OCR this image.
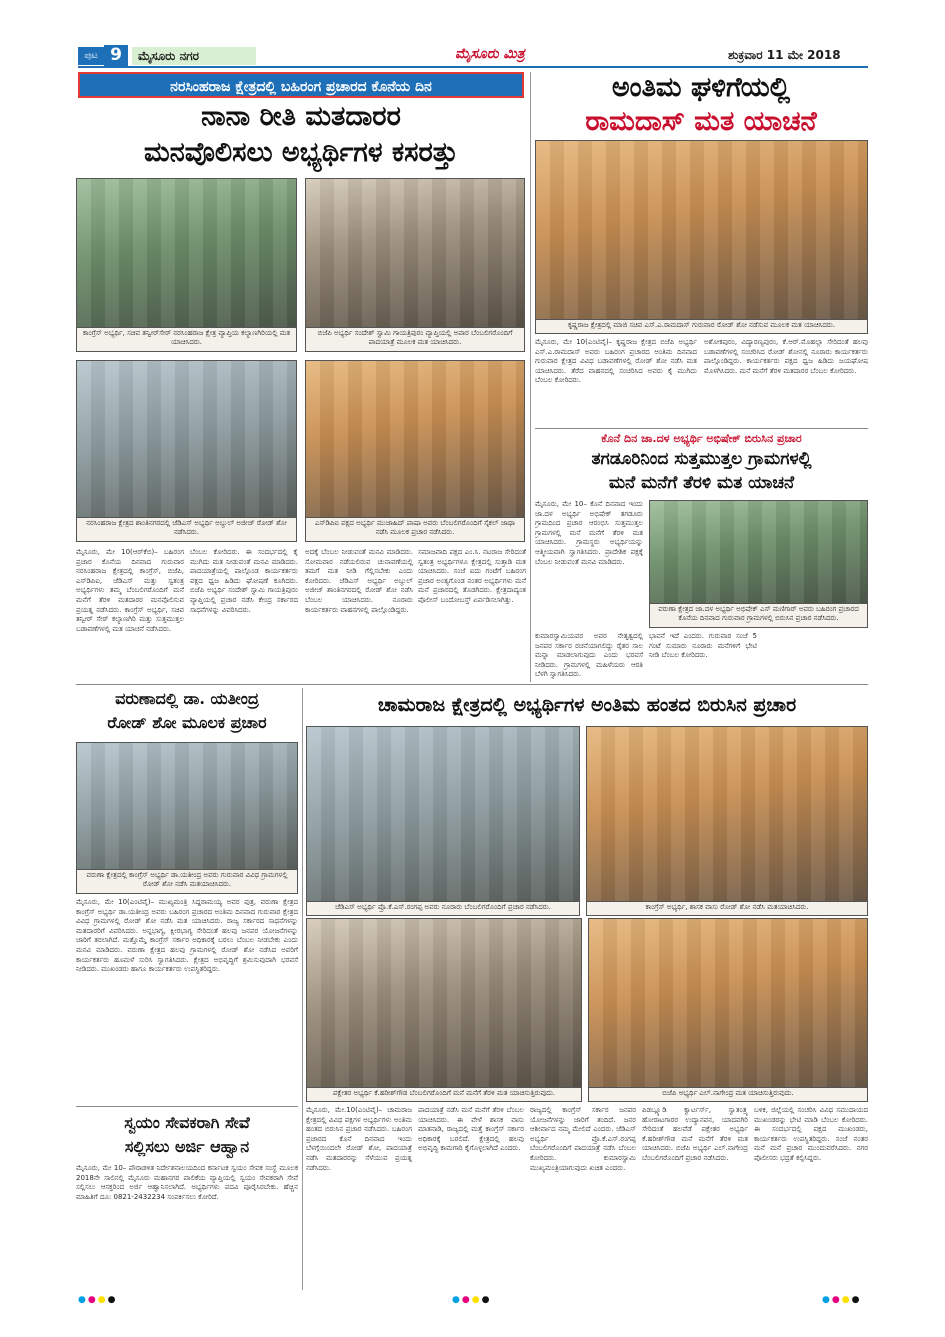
ಪುಟ 9	ಮೈಸೂರು ನಗರ	ಮೈಸೂರು ಮಿತ್ರ	ಶುಕ್ರವಾರ 11 ಮೇ 2018
ನರಸಿಂಹರಾಜ ಕ್ಷೇತ್ರದಲ್ಲಿ ಬಹಿರಂಗ ಪ್ರಚಾರದ ಕೊನೆಯ ದಿನ
ನಾನಾ ರೀತಿ ಮತದಾರರ
ಮನವೊಲಿಸಲು ಅಭ್ಯರ್ಥಿಗಳ ಕಸರತ್ತು
ಕಾಂಗ್ರೆಸ್ ಅಭ್ಯರ್ಥಿ, ಸಚಿವ ತನ್ವೀರ್‌ಸೇಠ್ ನರಸಿಂಹರಾಜ ಕ್ಷೇತ್ರ ವ್ಯಾಪ್ತಿಯ ಕಲ್ಯಾಣಗಿರಿಯಲ್ಲಿ ಮತ ಯಾಚಿಸಿದರು.
ಬಿಜೆಪಿ ಅಭ್ಯರ್ಥಿ ಸಂದೇಶ್ ಸ್ವಾಮಿ ಗಾಯತ್ರಿಪುರಂ ವ್ಯಾಪ್ತಿಯಲ್ಲಿ ಅಪಾರ ಬೆಂಬಲಿಗರೊಂದಿಗೆ ಪಾದಯಾತ್ರೆ ಮೂಲಕ ಮತ ಯಾಚಿಸಿದರು.
ನರಸಿಂಹರಾಜ ಕ್ಷೇತ್ರದ ಶಾಂತಿನಗರದಲ್ಲಿ ಜೆಡಿಎಸ್ ಅಭ್ಯರ್ಥಿ ಅಬ್ದುಲ್ ಅಜೀಜ್ ರೋಡ್ ಶೋ ನಡೆಸಿದರು.
ಎಸ್‌ಡಿಪಿಐ ಪಕ್ಷದ ಅಭ್ಯರ್ಥಿ ಮುಜಾಹಿದ್ ಪಾಷಾ ಅವರು ಬೆಂಬಲಿಗರೊಂದಿಗೆ ಸೈಕಲ್ ಜಾಥಾ ನಡೆಸಿ ಮೂಲಕ ಪ್ರಚಾರ ನಡೆಸಿದರು.
ಮೈಸೂರು, ಮೇ 10(ಆರ್‌ಕೆಬಿ)– ಬಹಿರಂಗ ಪ್ರಚಾರ ಕೊನೆಯ ದಿನವಾದ ಗುರುವಾರ ನರಸಿಂಹರಾಜ ಕ್ಷೇತ್ರದಲ್ಲಿ ಕಾಂಗ್ರೆಸ್, ಬಿಜೆಪಿ, ಎಸ್‌ಡಿಪಿಐ, ಜೆಡಿಎಸ್ ಮತ್ತು ಸ್ವತಂತ್ರ ಅಭ್ಯರ್ಥಿಗಳು ತಮ್ಮ ಬೆಂಬಲಿಗರೊಂದಿಗೆ ಮನೆ ಮನೆಗೆ ತೆರಳಿ ಮತದಾರರ ಮನವೊಲಿಸುವ ಪ್ರಯತ್ನ ನಡೆಸಿದರು. ಕಾಂಗ್ರೆಸ್ ಅಭ್ಯರ್ಥಿ, ಸಚಿವ ತನ್ವೀರ್ ಸೇಠ್ ಕಲ್ಯಾಣಗಿರಿ ಮತ್ತು ಸುತ್ತಮುತ್ತಲ ಬಡಾವಣೆಗಳಲ್ಲಿ ಮತ ಯಾಚನೆ ನಡೆಸಿದರು.
ಬೆಂಬಲ ಕೋರಿದರು. ಈ ಸಂದರ್ಭದಲ್ಲಿ ಕೈ ಮುಗಿದು ಮತ ನೀಡುವಂತೆ ಮನವಿ ಮಾಡಿದರು. ಪಾದಯಾತ್ರೆಯಲ್ಲಿ ಪಾಲ್ಗೊಂಡ ಕಾರ್ಯಕರ್ತರು ಪಕ್ಷದ ಧ್ವಜ ಹಿಡಿದು ಘೋಷಣೆ ಕೂಗಿದರು. ಬಿಜೆಪಿ ಅಭ್ಯರ್ಥಿ ಸಂದೇಶ್ ಸ್ವಾಮಿ ಗಾಯತ್ರಿಪುರಂ ವ್ಯಾಪ್ತಿಯಲ್ಲಿ ಪ್ರಚಾರ ನಡೆಸಿ ಕೇಂದ್ರ ಸರ್ಕಾರದ ಸಾಧನೆಗಳನ್ನು ವಿವರಿಸಿದರು.
ಅದಕ್ಕೆ ಬೆಂಬಲ ನೀಡುವಂತೆ ಮನವಿ ಮಾಡಿದರು. ಸೋಮವಾರ ನಡೆಯಲಿರುವ ಚುನಾವಣೆಯಲ್ಲಿ ತಮಗೆ ಮತ ನೀಡಿ ಗೆಲ್ಲಿಸಬೇಕು ಎಂದು ಕೋರಿದರು. ಜೆಡಿಎಸ್ ಅಭ್ಯರ್ಥಿ ಅಬ್ದುಲ್ ಅಜೀಜ್ ಶಾಂತಿನಗರದಲ್ಲಿ ರೋಡ್ ಶೋ ನಡೆಸಿ ಬೆಂಬಲ ಯಾಚಿಸಿದರು. ನೂರಾರು ಕಾರ್ಯಕರ್ತರು ವಾಹನಗಳಲ್ಲಿ ಪಾಲ್ಗೊಂಡಿದ್ದರು.
ಸಮಾಜವಾದಿ ಪಕ್ಷದ ಎಂ.ಸಿ. ನಟರಾಜ ಸೇರಿದಂತೆ ಸ್ವತಂತ್ರ ಅಭ್ಯರ್ಥಿಗಳೂ ಕ್ಷೇತ್ರದಲ್ಲಿ ಸುತ್ತಾಡಿ ಮತ ಯಾಚಿಸಿದರು. ಸಂಜೆ ಐದು ಗಂಟೆಗೆ ಬಹಿರಂಗ ಪ್ರಚಾರ ಅಂತ್ಯಗೊಂಡ ನಂತರ ಅಭ್ಯರ್ಥಿಗಳು ಮನೆ ಮನೆ ಪ್ರಚಾರದಲ್ಲಿ ತೊಡಗಿದರು. ಕ್ಷೇತ್ರದಾದ್ಯಂತ ಪೊಲೀಸ್ ಬಂದೋಬಸ್ತ್ ಏರ್ಪಡಿಸಲಾಗಿತ್ತು.
ಅಂತಿಮ ಘಳಿಗೆಯಲ್ಲಿ
ರಾಮದಾಸ್ ಮತ ಯಾಚನೆ
ಕೃಷ್ಣರಾಜ ಕ್ಷೇತ್ರದಲ್ಲಿ ಮಾಜಿ ಸಚಿವ ಎಸ್.ಎ.ರಾಮದಾಸ್ ಗುರುವಾರ ರೋಡ್ ಶೋ ನಡೆಸುವ ಮೂಲಕ ಮತ ಯಾಚಿಸಿದರು.
ಮೈಸೂರು, ಮೇ 10(ಎಂಟಿವೈ)– ಕೃಷ್ಣರಾಜ ಕ್ಷೇತ್ರದ ಬಿಜೆಪಿ ಅಭ್ಯರ್ಥಿ ಎಸ್.ಎ.ರಾಮದಾಸ್ ಅವರು ಬಹಿರಂಗ ಪ್ರಚಾರದ ಅಂತಿಮ ದಿನವಾದ ಗುರುವಾರ ಕ್ಷೇತ್ರದ ವಿವಿಧ ಬಡಾವಣೆಗಳಲ್ಲಿ ರೋಡ್ ಶೋ ನಡೆಸಿ ಮತ ಯಾಚಿಸಿದರು. ತೆರೆದ ವಾಹನದಲ್ಲಿ ಸಂಚರಿಸಿದ ಅವರು ಕೈ ಮುಗಿದು ಬೆಂಬಲ ಕೋರಿದರು.
ಅಶೋಕಪುರಂ, ವಿದ್ಯಾರಣ್ಯಪುರಂ, ಕೆ.ಆರ್.ಮೊಹಲ್ಲಾ ಸೇರಿದಂತೆ ಹಲವು ಬಡಾವಣೆಗಳಲ್ಲಿ ಸಂಚರಿಸಿದ ರೋಡ್ ಶೋನಲ್ಲಿ ನೂರಾರು ಕಾರ್ಯಕರ್ತರು ಪಾಲ್ಗೊಂಡಿದ್ದರು. ಕಾರ್ಯಕರ್ತರು ಪಕ್ಷದ ಧ್ವಜ ಹಿಡಿದು ಜಯಘೋಷ ಮೊಳಗಿಸಿದರು. ಮನೆ ಮನೆಗೆ ತೆರಳಿ ಮತದಾರರ ಬೆಂಬಲ ಕೋರಿದರು.
ಕೊನೆ ದಿನ ಜಾ.ದಳ ಅಭ್ಯರ್ಥಿ ಅಭಿಷೇಕ್ ಬಿರುಸಿನ ಪ್ರಚಾರ
ತಗಡೂರಿನಿಂದ ಸುತ್ತಮುತ್ತಲ ಗ್ರಾಮಗಳಲ್ಲಿ
ಮನೆ ಮನೆಗೆ ತೆರಳಿ ಮತ ಯಾಚನೆ
ಮೈಸೂರು, ಮೇ 10– ಕೊನೆ ದಿನವಾದ ಇಂದು ಜಾ.ದಳ ಅಭ್ಯರ್ಥಿ ಅಭಿಷೇಕ್ ತಗಡೂರು ಗ್ರಾಮದಿಂದ ಪ್ರಚಾರ ಆರಂಭಿಸಿ ಸುತ್ತಮುತ್ತಲ ಗ್ರಾಮಗಳಲ್ಲಿ ಮನೆ ಮನೆಗೆ ತೆರಳಿ ಮತ ಯಾಚಿಸಿದರು. ಗ್ರಾಮಸ್ಥರು ಅಭ್ಯರ್ಥಿಯನ್ನು ಆತ್ಮೀಯವಾಗಿ ಸ್ವಾಗತಿಸಿದರು. ಪ್ರಾದೇಶಿಕ ಪಕ್ಷಕ್ಕೆ ಬೆಂಬಲ ನೀಡುವಂತೆ ಮನವಿ ಮಾಡಿದರು.
ವರುಣಾ ಕ್ಷೇತ್ರದ ಜಾ.ದಳ ಅಭ್ಯರ್ಥಿ ಅಭಿಷೇಕ್ ಎಸ್ ಮಣಿಗಾರ್ ಅವರು ಬಹಿರಂಗ ಪ್ರಚಾರದ ಕೊನೆಯ ದಿನವಾದ ಗುರುವಾರ ಗ್ರಾಮಗಳಲ್ಲಿ ಬಿರುಸಿನ ಪ್ರಚಾರ ನಡೆಸಿದರು.
ಕುಮಾರಸ್ವಾಮಿಯವರ ಅವರ ನೇತೃತ್ವದಲ್ಲಿ ಜನಪರ ಸರ್ಕಾರ ರಚನೆಯಾಗಲಿದ್ದು ರೈತರ ಸಾಲ ಮನ್ನಾ ಮಾಡಲಾಗುವುದು ಎಂದು ಭರವಸೆ ನೀಡಿದರು. ಗ್ರಾಮಗಳಲ್ಲಿ ಮಹಿಳೆಯರು ಆರತಿ ಬೆಳಗಿ ಸ್ವಾಗತಿಸಿದರು.
ಭಾವನೆ ಇದೆ ಎಂದರು. ಗುರುವಾರ ಸಂಜೆ 5 ಗಂಟೆ ಸುಮಾರು ನೂರಾರು ಮನೆಗಳಿಗೆ ಭೇಟಿ ನೀಡಿ ಬೆಂಬಲ ಕೋರಿದರು.
ವರುಣಾದಲ್ಲಿ ಡಾ. ಯತೀಂದ್ರ
ರೋಡ್ ಶೋ ಮೂಲಕ ಪ್ರಚಾರ
ವರುಣಾ ಕ್ಷೇತ್ರದಲ್ಲಿ ಕಾಂಗ್ರೆಸ್ ಅಭ್ಯರ್ಥಿ ಡಾ.ಯತೀಂದ್ರ ಅವರು ಗುರುವಾರ ವಿವಿಧ ಗ್ರಾಮಗಳಲ್ಲಿ ರೋಡ್ ಶೋ ನಡೆಸಿ ಮತಯಾಚಿಸಿದರು.
ಮೈಸೂರು, ಮೇ 10(ಎಂಟಿವೈ)– ಮುಖ್ಯಮಂತ್ರಿ ಸಿದ್ದರಾಮಯ್ಯ ಅವರ ಪುತ್ರ, ವರುಣಾ ಕ್ಷೇತ್ರದ ಕಾಂಗ್ರೆಸ್ ಅಭ್ಯರ್ಥಿ ಡಾ.ಯತೀಂದ್ರ ಅವರು ಬಹಿರಂಗ ಪ್ರಚಾರದ ಅಂತಿಮ ದಿನವಾದ ಗುರುವಾರ ಕ್ಷೇತ್ರದ ವಿವಿಧ ಗ್ರಾಮಗಳಲ್ಲಿ ರೋಡ್ ಶೋ ನಡೆಸಿ ಮತ ಯಾಚಿಸಿದರು. ರಾಜ್ಯ ಸರ್ಕಾರದ ಸಾಧನೆಗಳನ್ನು ಮತದಾರರಿಗೆ ವಿವರಿಸಿದರು. ಅನ್ನಭಾಗ್ಯ, ಕ್ಷೀರಭಾಗ್ಯ ಸೇರಿದಂತೆ ಹಲವು ಜನಪರ ಯೋಜನೆಗಳನ್ನು ಜಾರಿಗೆ ತರಲಾಗಿದೆ. ಮತ್ತೊಮ್ಮೆ ಕಾಂಗ್ರೆಸ್ ಸರ್ಕಾರ ಅಧಿಕಾರಕ್ಕೆ ಬರಲು ಬೆಂಬಲ ನೀಡಬೇಕು ಎಂದು ಮನವಿ ಮಾಡಿದರು. ವರುಣಾ ಕ್ಷೇತ್ರದ ಹಲವು ಗ್ರಾಮಗಳಲ್ಲಿ ರೋಡ್ ಶೋ ನಡೆಸಿದ ಅವರಿಗೆ ಕಾರ್ಯಕರ್ತರು ಹೂಮಳೆ ಸುರಿಸಿ ಸ್ವಾಗತಿಸಿದರು. ಕ್ಷೇತ್ರದ ಅಭಿವೃದ್ಧಿಗೆ ಶ್ರಮಿಸುವುದಾಗಿ ಭರವಸೆ ನೀಡಿದರು. ಮುಖಂಡರು ಹಾಗೂ ಕಾರ್ಯಕರ್ತರು ಉಪಸ್ಥಿತರಿದ್ದರು.
ಚಾಮರಾಜ ಕ್ಷೇತ್ರದಲ್ಲಿ ಅಭ್ಯರ್ಥಿಗಳ ಅಂತಿಮ ಹಂತದ ಬಿರುಸಿನ ಪ್ರಚಾರ
ಜೆಡಿಎಸ್ ಅಭ್ಯರ್ಥಿ ಪ್ರೊ.ಕೆ.ಎಸ್.ರಂಗಪ್ಪ ಅವರು ನೂರಾರು ಬೆಂಬಲಿಗರೊಂದಿಗೆ ಪ್ರಚಾರ ನಡೆಸಿದರು.	ಕಾಂಗ್ರೆಸ್ ಅಭ್ಯರ್ಥಿ, ಶಾಸಕ ವಾಸು ರೋಡ್ ಶೋ ನಡೆಸಿ ಮತಯಾಚಿಸಿದರು.
ಪಕ್ಷೇತರ ಅಭ್ಯರ್ಥಿ ಕೆ.ಹರೀಶ್‌ಗೌಡ ಬೆಂಬಲಿಗರೊಂದಿಗೆ ಮನೆ ಮನೆಗೆ ತೆರಳಿ ಮತ ಯಾಚಿಸುತ್ತಿರುವುದು.	ಬಿಜೆಪಿ ಅಭ್ಯರ್ಥಿ ಎಲ್.ನಾಗೇಂದ್ರ ಮತ ಯಾಚಿಸುತ್ತಿರುವುದು.
ಮೈಸೂರು, ಮೇ.10(ಎಂಟಿವೈ)– ಚಾಮರಾಜ ಕ್ಷೇತ್ರದಲ್ಲಿ ವಿವಿಧ ಪಕ್ಷಗಳ ಅಭ್ಯರ್ಥಿಗಳು ಅಂತಿಮ ಹಂತದ ಬಿರುಸಿನ ಪ್ರಚಾರ ನಡೆಸಿದರು. ಬಹಿರಂಗ ಪ್ರಚಾರದ ಕೊನೆ ದಿನವಾದ ಇಂದು ಬೆಳಗ್ಗೆಯಿಂದಲೇ ರೋಡ್ ಶೋ, ಪಾದಯಾತ್ರೆ ನಡೆಸಿ ಮತದಾರರನ್ನು ಸೆಳೆಯುವ ಪ್ರಯತ್ನ ನಡೆಸಿದರು.
ಪಾದಯಾತ್ರೆ ನಡೆಸಿ ಮನೆ ಮನೆಗೆ ತೆರಳಿ ಬೆಂಬಲ ಯಾಚಿಸಿದರು. ಈ ವೇಳೆ ಶಾಸಕ ವಾಸು ಮಾತನಾಡಿ, ರಾಜ್ಯದಲ್ಲಿ ಮತ್ತೆ ಕಾಂಗ್ರೆಸ್ ಸರ್ಕಾರ ಅಧಿಕಾರಕ್ಕೆ ಬರಲಿದೆ. ಕ್ಷೇತ್ರದಲ್ಲಿ ಹಲವು ಅಭಿವೃದ್ಧಿ ಕಾಮಗಾರಿ ಕೈಗೊಳ್ಳಲಾಗಿದೆ ಎಂದರು.
ರಾಜ್ಯದಲ್ಲಿ ಕಾಂಗ್ರೆಸ್ ಸರ್ಕಾರ ಜನಪರ ಯೋಜನೆಗಳನ್ನು ಜಾರಿಗೆ ತಂದಿದೆ. ಜನರ ಆಶೀರ್ವಾದ ನಮ್ಮ ಮೇಲಿದೆ ಎಂದರು. ಜೆಡಿಎಸ್ ಅಭ್ಯರ್ಥಿ ಪ್ರೊ.ಕೆ.ಎಸ್.ರಂಗಪ್ಪ ಬೆಂಬಲಿಗರೊಂದಿಗೆ ಪಾದಯಾತ್ರೆ ನಡೆಸಿ ಬೆಂಬಲ ಕೋರಿದರು. ಕುಮಾರಸ್ವಾಮಿ ಮುಖ್ಯಮಂತ್ರಿಯಾಗುವುದು ಖಚಿತ ಎಂದರು.
ಪಿಡಬ್ಲ್ಯೂಡಿ ಕ್ವಾರ್ಟರ್ಸ್, ಸ್ವಾತಂತ್ರ್ಯ ಹೋರಾಟಗಾರರ ಉದ್ಯಾನವನ, ಯಾದವಗಿರಿ ಸೇರಿದಂತೆ ಹಲವೆಡೆ ಪಕ್ಷೇತರ ಅಭ್ಯರ್ಥಿ ಕೆ.ಹರೀಶ್‌ಗೌಡ ಮನೆ ಮನೆಗೆ ತೆರಳಿ ಮತ ಯಾಚಿಸಿದರು. ಬಿಜೆಪಿ ಅಭ್ಯರ್ಥಿ ಎಲ್.ನಾಗೇಂದ್ರ ಬೆಂಬಲಿಗರೊಂದಿಗೆ ಪ್ರಚಾರ ನಡೆಸಿದರು.
ಬಳಿಕ, ಜಿಲ್ಲೆಯಲ್ಲಿ ಸಂಚರಿಸಿ ವಿವಿಧ ಸಮುದಾಯದ ಮುಖಂಡರನ್ನು ಭೇಟಿ ಮಾಡಿ ಬೆಂಬಲ ಕೋರಿದರು. ಈ ಸಂದರ್ಭದಲ್ಲಿ ಪಕ್ಷದ ಮುಖಂಡರು, ಕಾರ್ಯಕರ್ತರು ಉಪಸ್ಥಿತರಿದ್ದರು. ಸಂಜೆ ನಂತರ ಮನೆ ಮನೆ ಪ್ರಚಾರ ಮುಂದುವರೆಸಿದರು. ನಗರ ಪೊಲೀಸರು ಭದ್ರತೆ ಕಲ್ಪಿಸಿದ್ದರು.
ಸ್ವಯಂ ಸೇವಕರಾಗಿ ಸೇವೆ
ಸಲ್ಲಿಸಲು ಅರ್ಜಿ ಆಹ್ವಾನ
ಮೈಸೂರು, ಮೇ 10– ಪೌರಾಡಳಿತ ನಿರ್ದೇಶನಾಲಯದಿಂದ ಕರ್ನಾಟಕ ಸ್ವಯಂ ಸೇವಕ ಸಂಸ್ಥೆ ಮೂಲಕ 2018ನೇ ಸಾಲಿನಲ್ಲಿ ಮೈಸೂರು ಮಹಾನಗರ ಪಾಲಿಕೆಯ ವ್ಯಾಪ್ತಿಯಲ್ಲಿ ಸ್ವಯಂ ಸೇವಕರಾಗಿ ಸೇವೆ ಸಲ್ಲಿಸಲು ಆಸಕ್ತರಿಂದ ಅರ್ಜಿ ಆಹ್ವಾನಿಸಲಾಗಿದೆ. ಅಭ್ಯರ್ಥಿಗಳು ಪದವಿ ಪೂರೈಸಿರಬೇಕು. ಹೆಚ್ಚಿನ ಮಾಹಿತಿಗೆ ದೂ: 0821-2432234 ಸಂಪರ್ಕಿಸಲು ಕೋರಿದೆ.
●●●●	●●●●	●●●●
